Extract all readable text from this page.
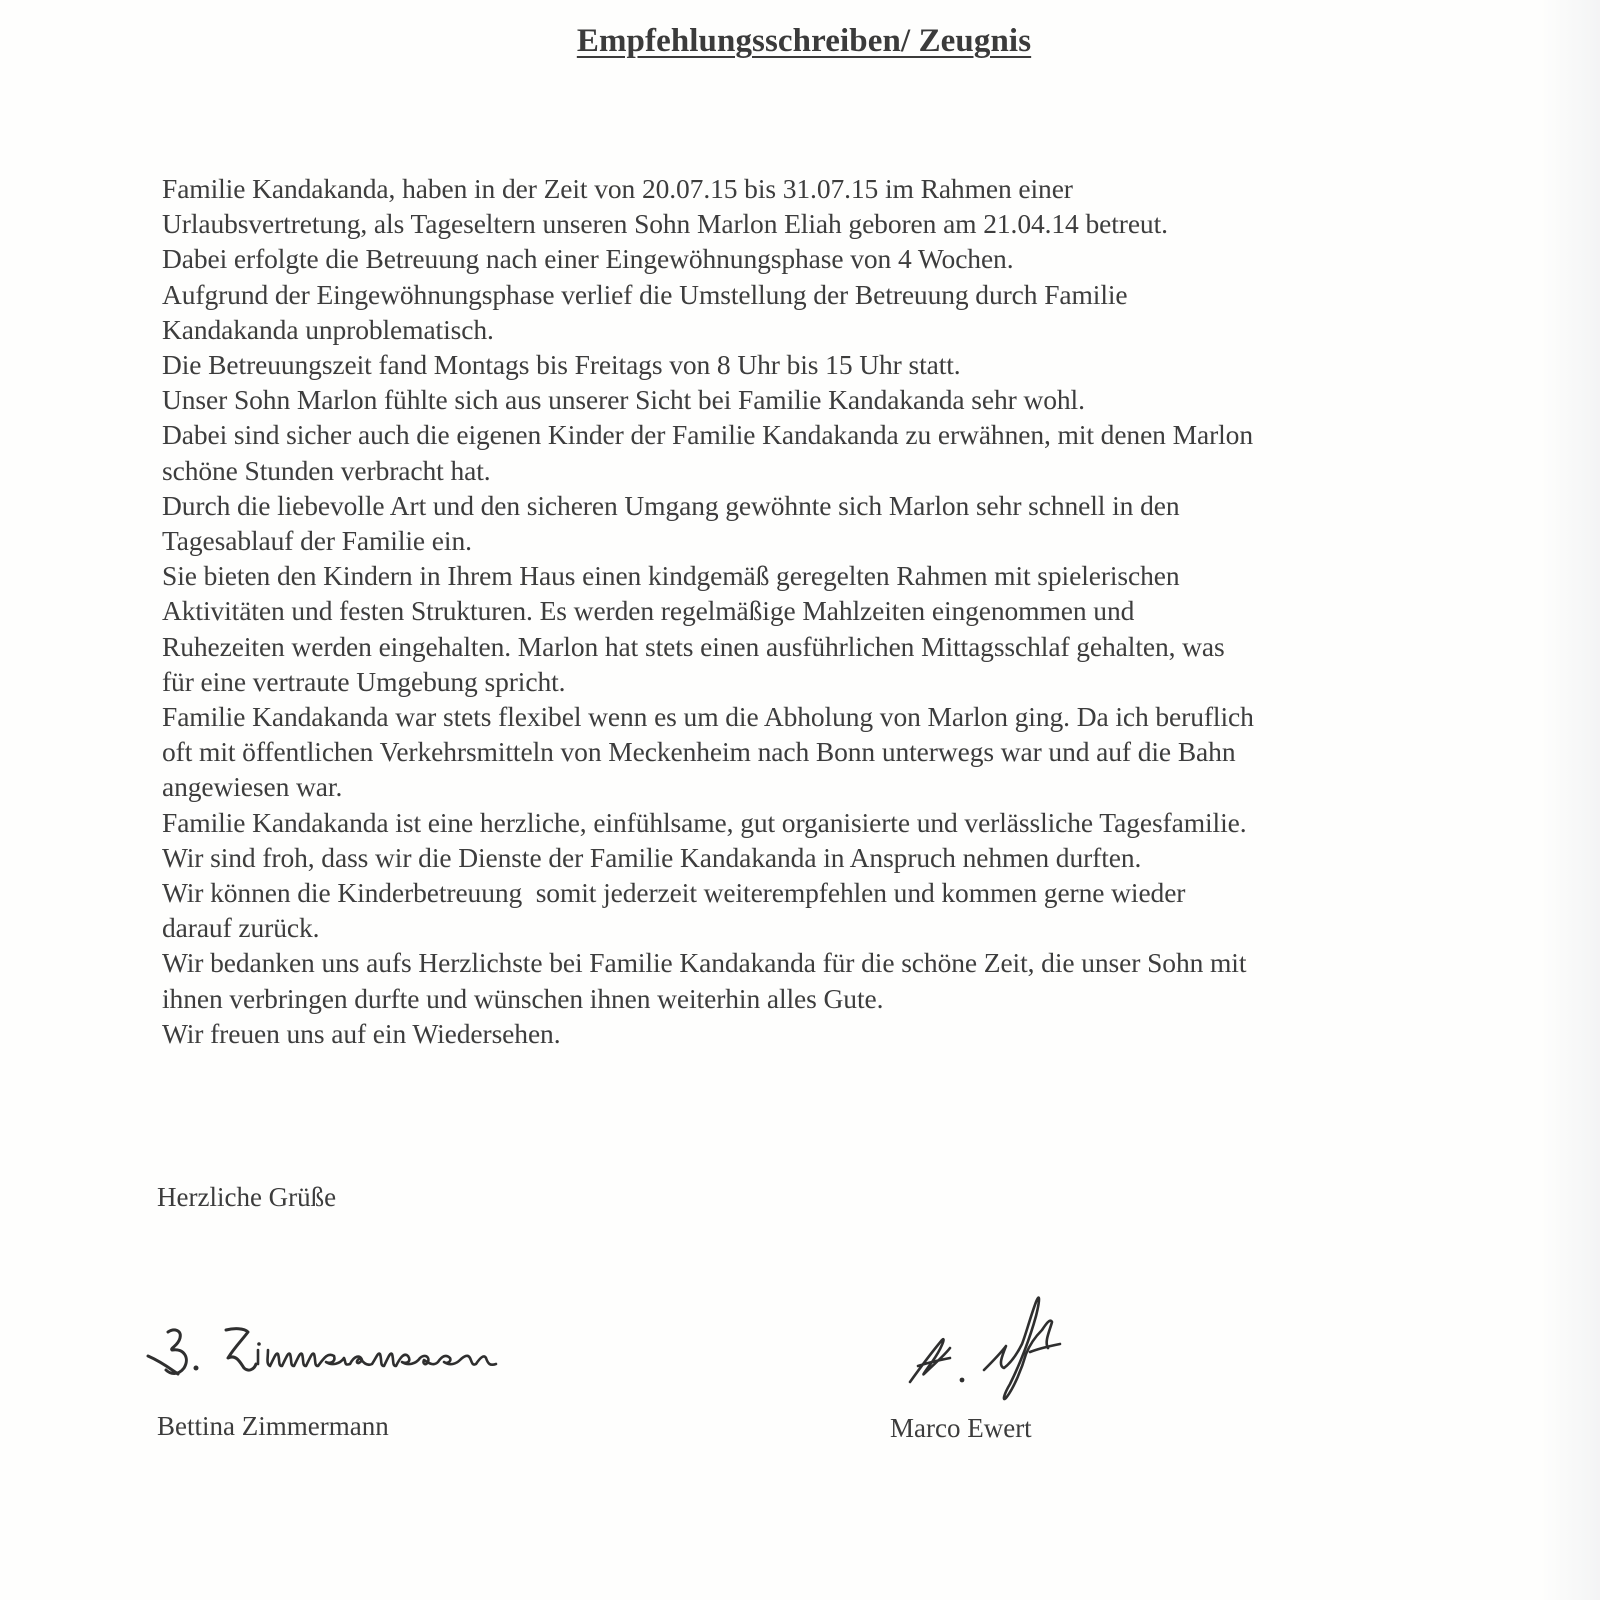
Empfehlungsschreiben/ Zeugnis
Familie Kandakanda, haben in der Zeit von 20.07.15 bis 31.07.15 im Rahmen einer
Urlaubsvertretung, als Tageseltern unseren Sohn Marlon Eliah geboren am 21.04.14 betreut.
Dabei erfolgte die Betreuung nach einer Eingewöhnungsphase von 4 Wochen.
Aufgrund der Eingewöhnungsphase verlief die Umstellung der Betreuung durch Familie
Kandakanda unproblematisch.
Die Betreuungszeit fand Montags bis Freitags von 8 Uhr bis 15 Uhr statt.
Unser Sohn Marlon fühlte sich aus unserer Sicht bei Familie Kandakanda sehr wohl.
Dabei sind sicher auch die eigenen Kinder der Familie Kandakanda zu erwähnen, mit denen Marlon
schöne Stunden verbracht hat.
Durch die liebevolle Art und den sicheren Umgang gewöhnte sich Marlon sehr schnell in den
Tagesablauf der Familie ein.
Sie bieten den Kindern in Ihrem Haus einen kindgemäß geregelten Rahmen mit spielerischen
Aktivitäten und festen Strukturen. Es werden regelmäßige Mahlzeiten eingenommen und
Ruhezeiten werden eingehalten. Marlon hat stets einen ausführlichen Mittagsschlaf gehalten, was
für eine vertraute Umgebung spricht.
Familie Kandakanda war stets flexibel wenn es um die Abholung von Marlon ging. Da ich beruflich
oft mit öffentlichen Verkehrsmitteln von Meckenheim nach Bonn unterwegs war und auf die Bahn
angewiesen war.
Familie Kandakanda ist eine herzliche, einfühlsame, gut organisierte und verlässliche Tagesfamilie.
Wir sind froh, dass wir die Dienste der Familie Kandakanda in Anspruch nehmen durften.
Wir können die Kinderbetreuung  somit jederzeit weiterempfehlen und kommen gerne wieder
darauf zurück.
Wir bedanken uns aufs Herzlichste bei Familie Kandakanda für die schöne Zeit, die unser Sohn mit
ihnen verbringen durfte und wünschen ihnen weiterhin alles Gute.
Wir freuen uns auf ein Wiedersehen.

Herzliche Grüße

Bettina Zimmermann	Marco Ewert
